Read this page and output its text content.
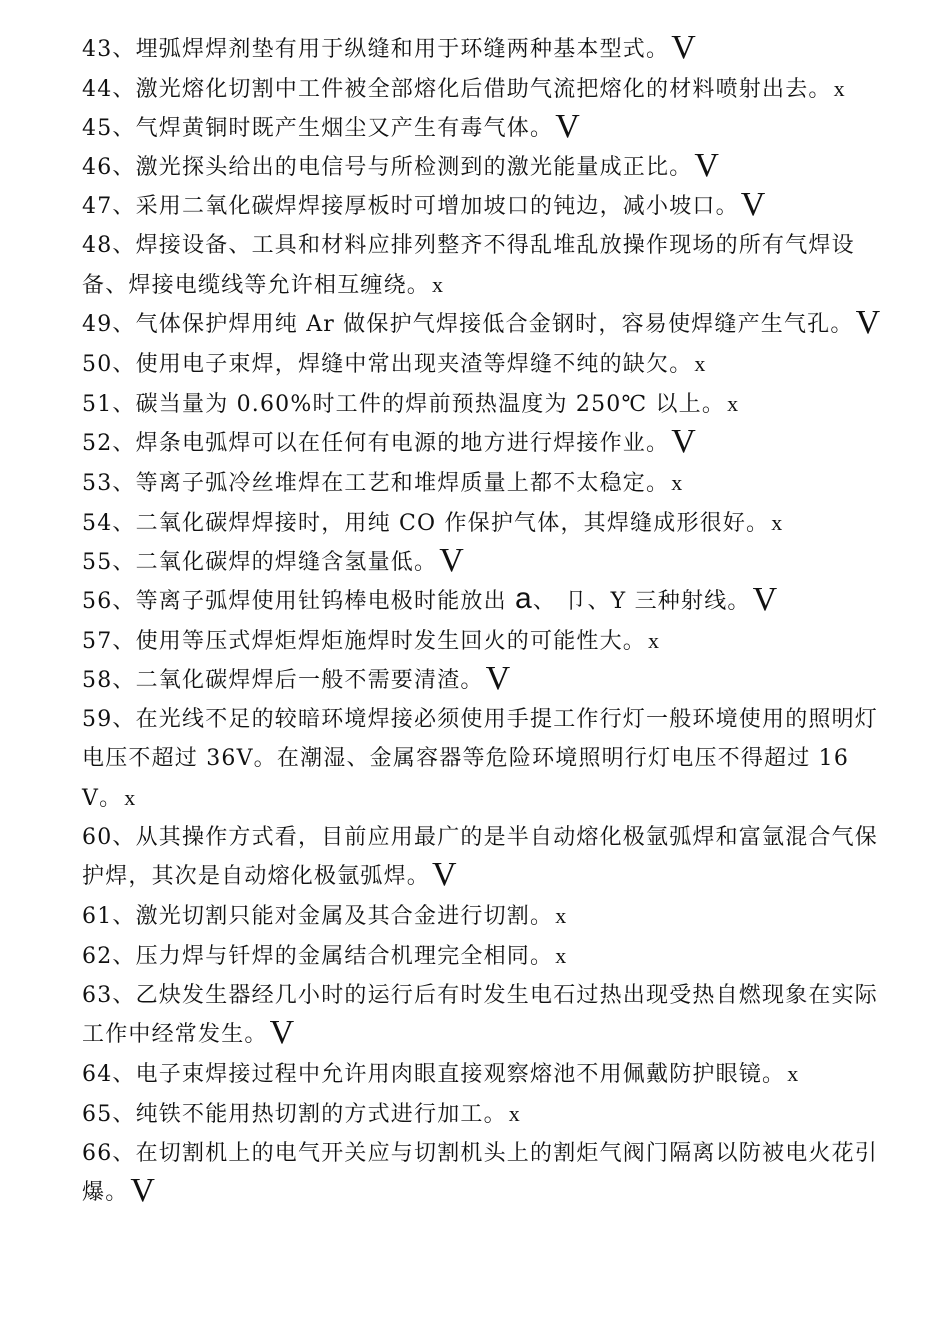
43、埋弧焊焊剂垫有用于纵缝和用于环缝两种基本型式。V

44、激光熔化切割中工件被全部熔化后借助气流把熔化的材料喷射出去。x

45、气焊黄铜时既产生烟尘又产生有毒气体。V

46、激光探头给出的电信号与所检测到的激光能量成正比。V

47、采用二氧化碳焊焊接厚板时可增加坡口的钝边，减小坡口。V

48、焊接设备、工具和材料应排列整齐不得乱堆乱放操作现场的所有气焊设备、焊接电缆线等允许相互缠绕。x

49、气体保护焊用纯 Ar 做保护气焊接低合金钢时，容易使焊缝产生气孔。V

50、使用电子束焊，焊缝中常出现夹渣等焊缝不纯的缺欠。x

51、碳当量为 0.60%时工件的焊前预热温度为 250℃ 以上。x

52、焊条电弧焊可以在任何有电源的地方进行焊接作业。V

53、等离子弧冷丝堆焊在工艺和堆焊质量上都不太稳定。x

54、二氧化碳焊焊接时，用纯 CO 作保护气体，其焊缝成形很好。x

55、二氧化碳焊的焊缝含氢量低。V

56、等离子弧焊使用钍钨棒电极时能放出 a、 卩、Y 三种射线。V

57、使用等压式焊炬焊炬施焊时发生回火的可能性大。x

58、二氧化碳焊焊后一般不需要清渣。V

59、在光线不足的较暗环境焊接必须使用手提工作行灯一般环境使用的照明灯电压不超过 36V。在潮湿、金属容器等危险环境照明行灯电压不得超过 16V。x

60、从其操作方式看，目前应用最广的是半自动熔化极氩弧焊和富氩混合气保护焊，其次是自动熔化极氩弧焊。V

61、激光切割只能对金属及其合金进行切割。x

62、压力焊与钎焊的金属结合机理完全相同。x

63、乙炔发生器经几小时的运行后有时发生电石过热出现受热自燃现象在实际工作中经常发生。V

64、电子束焊接过程中允许用肉眼直接观察熔池不用佩戴防护眼镜。x

65、纯铁不能用热切割的方式进行加工。x

66、在切割机上的电气开关应与切割机头上的割炬气阀门隔离以防被电火花引爆。V
